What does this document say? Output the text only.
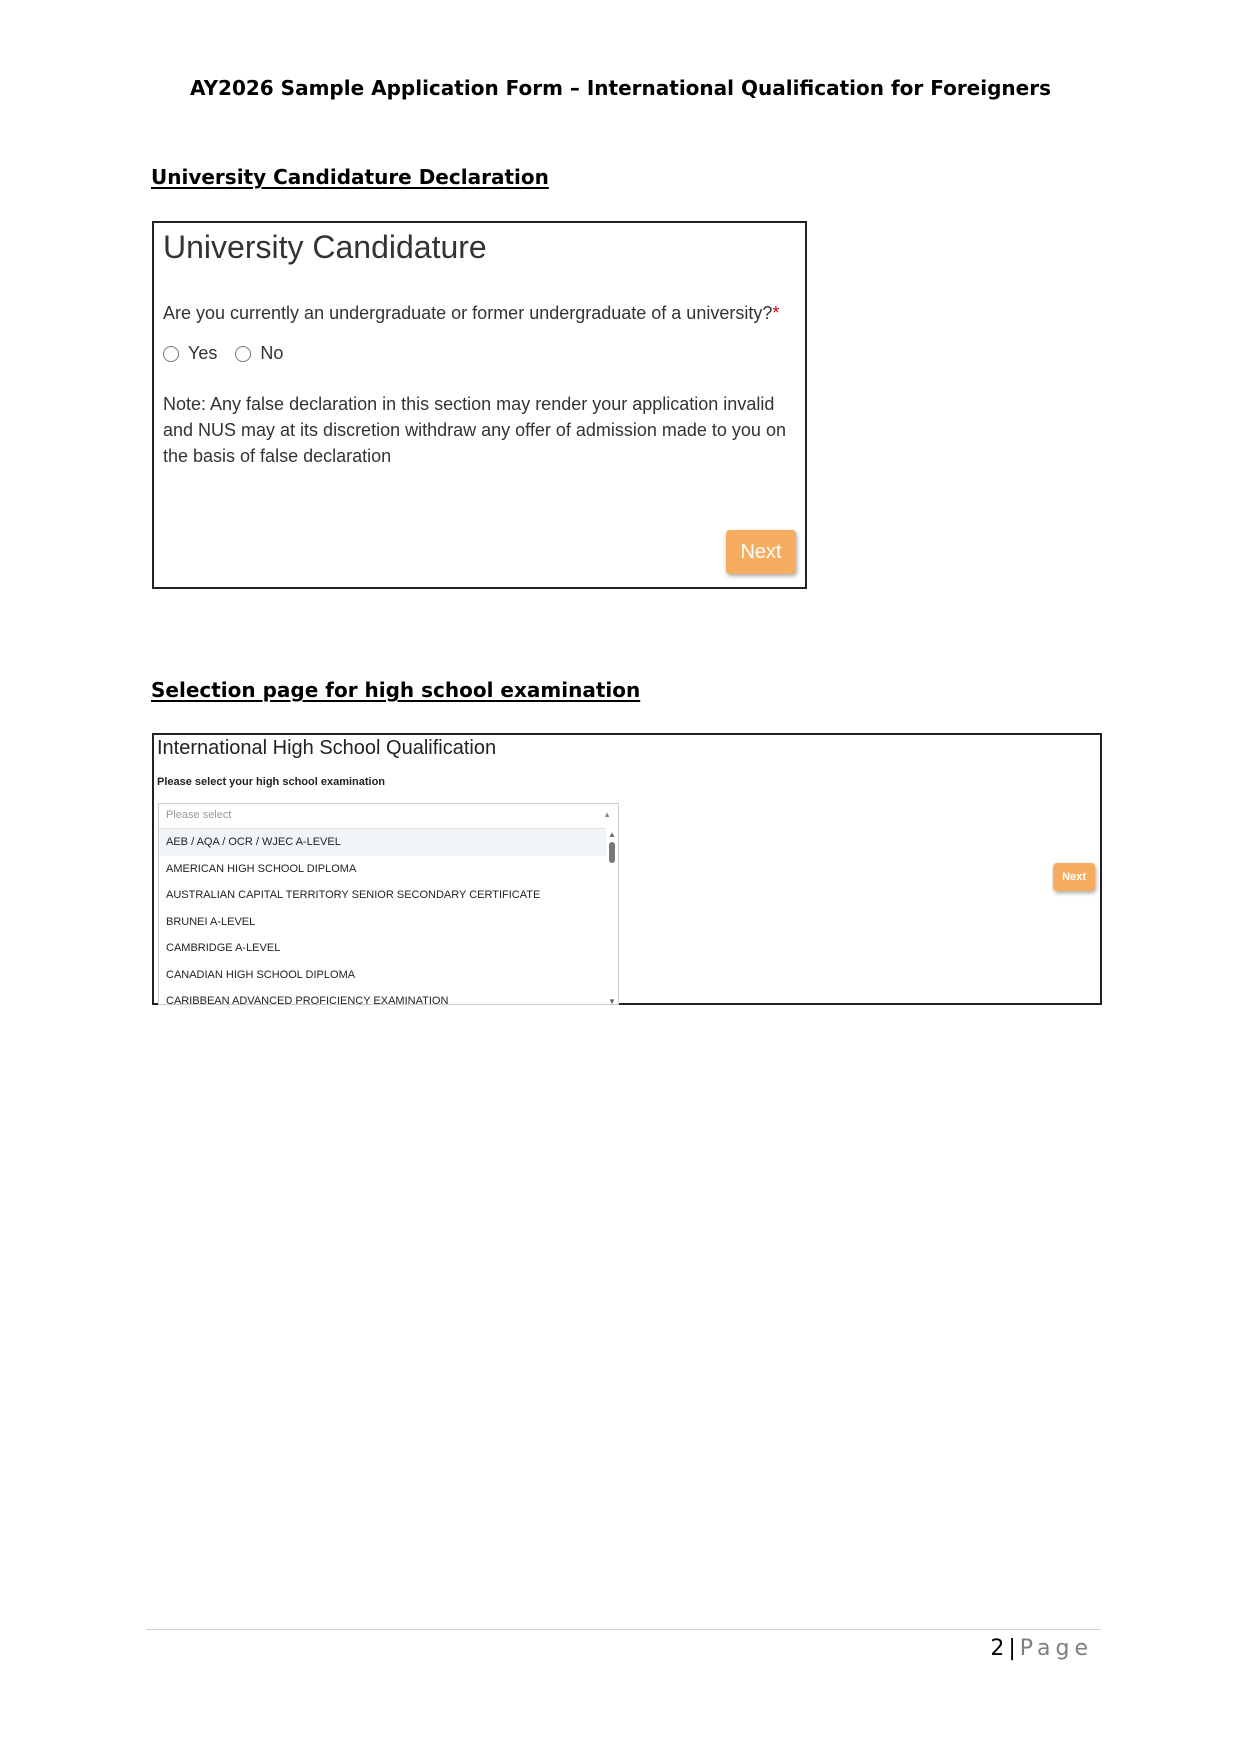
AY2026 Sample Application Form – International Qualification for Foreigners
University Candidature Declaration
University Candidature
Are you currently an undergraduate or former undergraduate of a university?*
Yes No
Note: Any false declaration in this section may render your application invalid and NUS may at its discretion withdraw any offer of admission made to you on the basis of false declaration
Next
Selection page for high school examination
International High School Qualification
Please select your high school examination
Please select	▲
AEB / AQA / OCR / WJEC A-LEVEL
AMERICAN HIGH SCHOOL DIPLOMA
AUSTRALIAN CAPITAL TERRITORY SENIOR SECONDARY CERTIFICATE
BRUNEI A-LEVEL
CAMBRIDGE A-LEVEL
CANADIAN HIGH SCHOOL DIPLOMA
CARIBBEAN ADVANCED PROFICIENCY EXAMINATION
▲
▼
Next
2 | Page
